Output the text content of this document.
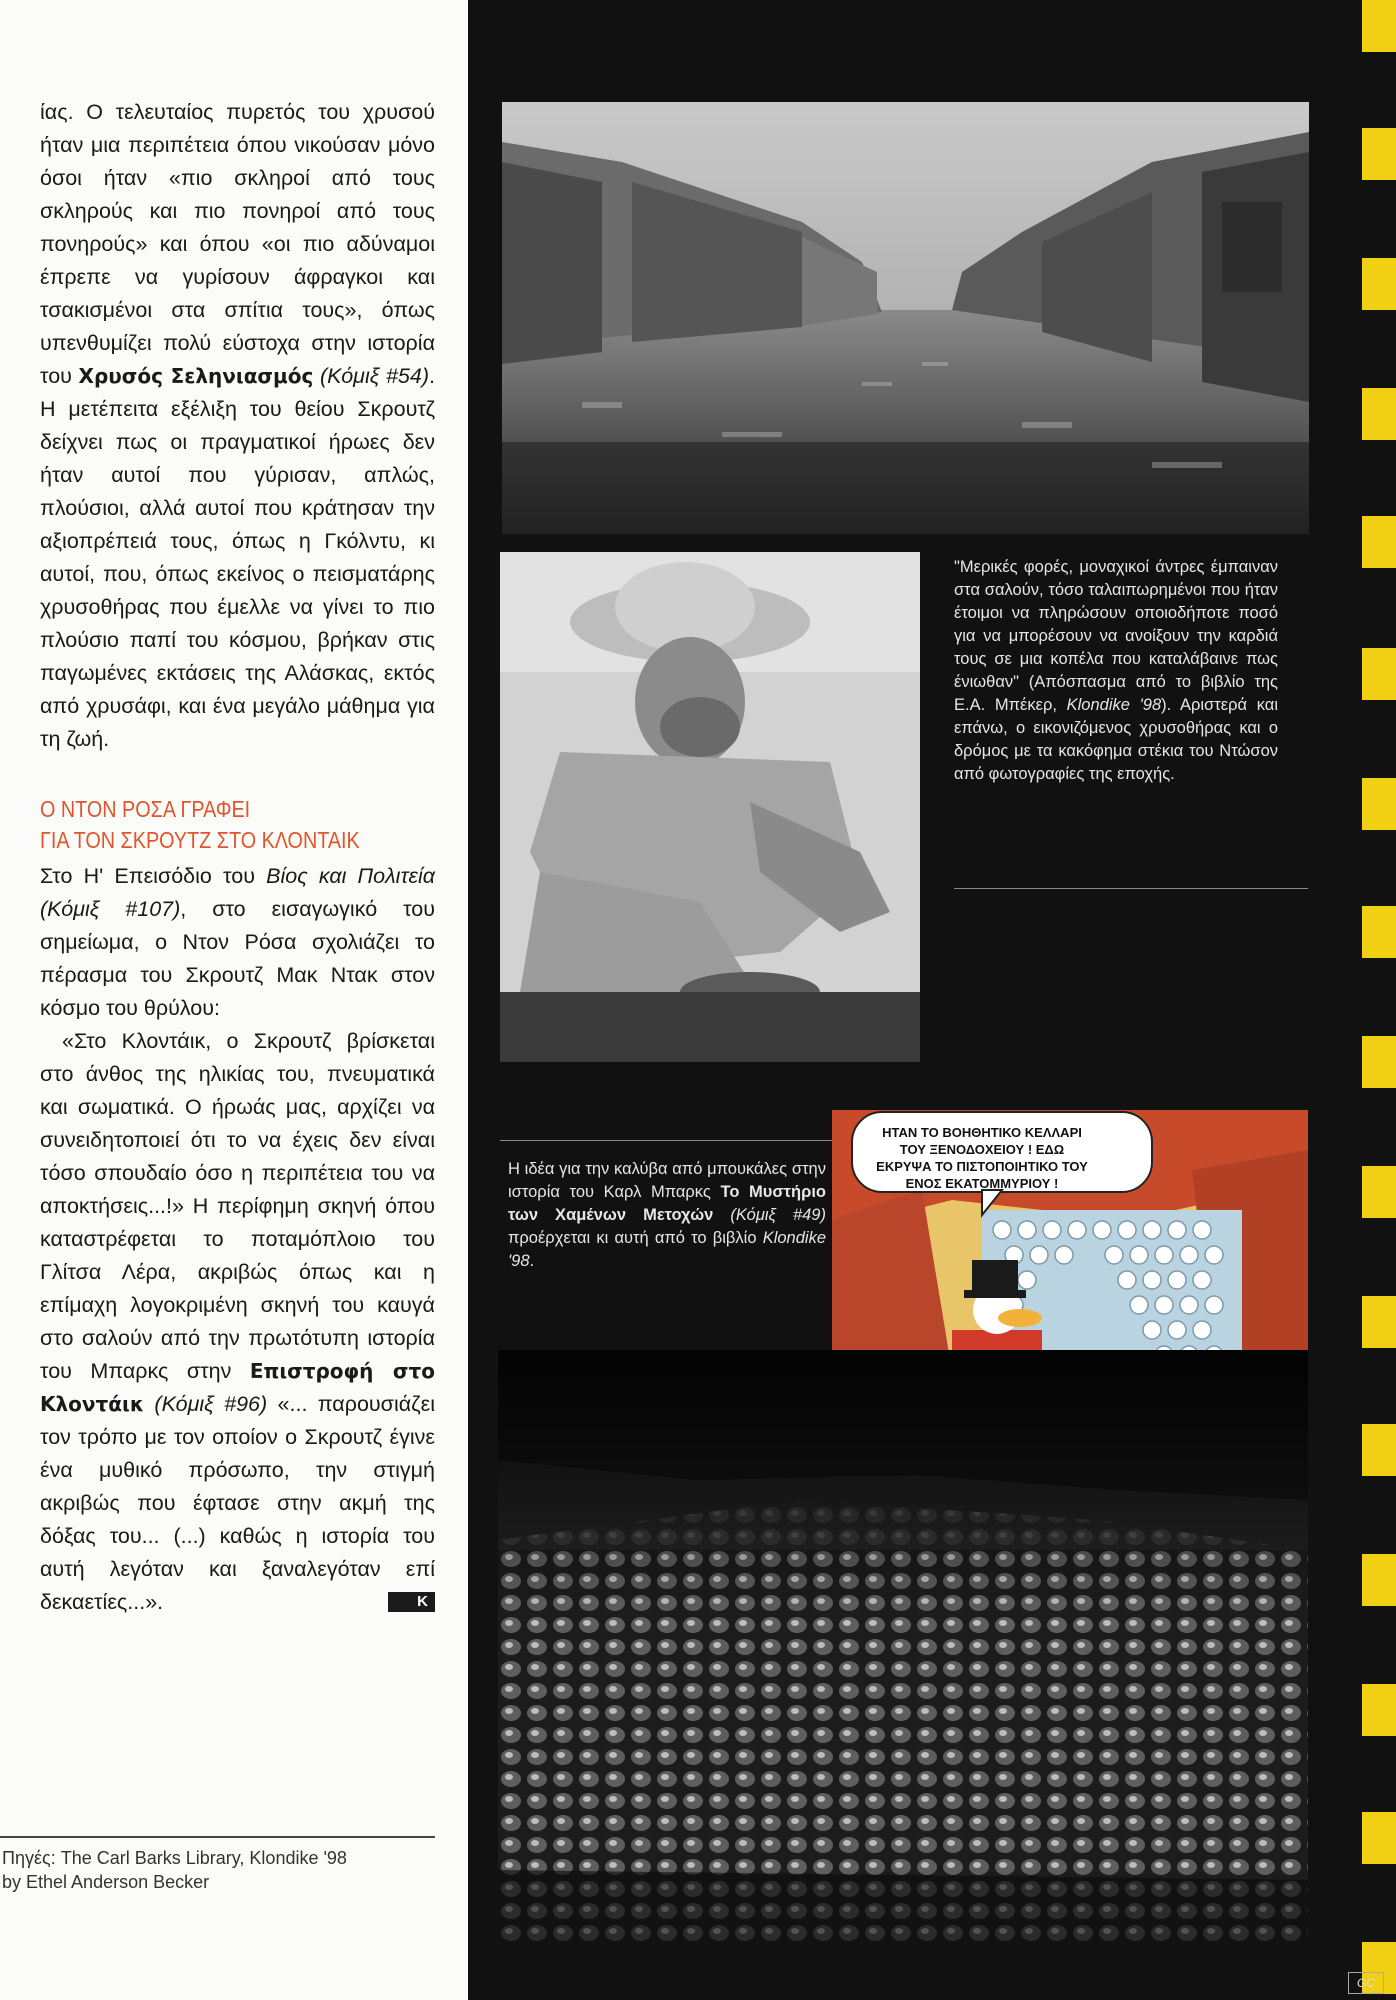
ίας. Ο τελευταίος πυρετός του χρυσού ήταν μια περιπέτεια όπου νικούσαν μόνο όσοι ήταν «πιο σκληροί από τους σκληρούς και πιο πονηροί από τους πονηρούς» και όπου «οι πιο αδύναμοι έπρεπε να γυρίσουν άφραγκοι και τσακισμένοι στα σπίτια τους», όπως υπενθυμίζει πολύ εύστοχα στην ιστορία του Χρυσός Σεληνιασμός (Κόμιξ #54). Η μετέπειτα εξέλιξη του θείου Σκρουτζ δείχνει πως οι πραγματικοί ήρωες δεν ήταν αυτοί που γύρισαν, απλώς, πλούσιοι, αλλά αυτοί που κράτησαν την αξιοπρέπειά τους, όπως η Γκόλντυ, κι αυτοί, που, όπως εκείνος ο πεισματάρης χρυσοθήρας που έμελλε να γίνει το πιο πλούσιο παπί του κόσμου, βρήκαν στις παγωμένες εκτάσεις της Αλάσκας, εκτός από χρυσάφι, και ένα μεγάλο μάθημα για τη ζωή.

Ο ΝΤΟΝ ΡΟΣΑ ΓΡΑΦΕΙ
ΓΙΑ ΤΟΝ ΣΚΡΟΥΤΖ ΣΤΟ ΚΛΟΝΤΑΙΚ

Στο Η' Επεισόδιο του Βίος και Πολιτεία (Κόμιξ #107), στο εισαγωγικό του σημείωμα, ο Ντον Ρόσα σχολιάζει το πέρασμα του Σκρουτζ Μακ Ντακ στον κόσμο του θρύλου:

«Στο Κλοντάικ, ο Σκρουτζ βρίσκεται στο άνθος της ηλικίας του, πνευματικά και σωματικά. Ο ήρωάς μας, αρχίζει να συνειδητοποιεί ότι το να έχεις δεν είναι τόσο σπουδαίο όσο η περιπέτεια του να αποκτήσεις...!» Η περίφημη σκηνή όπου καταστρέφεται το ποταμόπλοιο του Γλίτσα Λέρα, ακριβώς όπως και η επίμαχη λογοκριμένη σκηνή του καυγά στο σαλούν από την πρωτότυπη ιστορία του Μπαρκς στην Επιστροφή στο Κλοντάικ (Κόμιξ #96) «... παρουσιάζει τον τρόπο με τον οποίον ο Σκρουτζ έγινε ένα μυθικό πρόσωπο, την στιγμή ακριβώς που έφτασε στην ακμή της δόξας του... (...) καθώς η ιστορία του αυτή λεγόταν και ξαναλεγόταν επί δεκαετίες...».	K

Πηγές: The Carl Barks Library, Klondike '98
by Ethel Anderson Becker
"Μερικές φορές, μοναχικοί άντρες έμπαιναν στα σαλούν, τόσο ταλαιπωρημένοι που ήταν έτοιμοι να πληρώσουν οποιοδήποτε ποσό για να μπορέσουν να ανοίξουν την καρδιά τους σε μια κοπέλα που καταλάβαινε πως ένιωθαν" (Απόσπασμα από το βιβλίο της Ε.Α. Μπέκερ, Klondike '98). Αριστερά και επάνω, ο εικονιζόμενος χρυσοθήρας και ο δρόμος με τα κακόφημα στέκια του Ντώσον από φωτογραφίες της εποχής.
Η ιδέα για την καλύβα από μπουκάλες στην ιστορία του Καρλ Μπαρκς Το Μυστήριο των Χαμένων Μετοχών (Κόμιξ #49) προέρχεται κι αυτή από το βιβλίο Klondike '98.
ΗΤΑΝ ΤΟ ΒΟΗΘΗΤΙΚΟ ΚΕΛΛΑΡΙ ΤΟΥ ΞΕΝΟΔΟΧΕΙΟΥ ! ΕΔΩ ΕΚΡΥΨΑ ΤΟ ΠΙΣΤΟΠΟΙΗΤΙΚΟ ΤΟΥ ΕΝΟΣ ΕΚΑΤΟΜΜΥΡΙΟΥ !
GC
